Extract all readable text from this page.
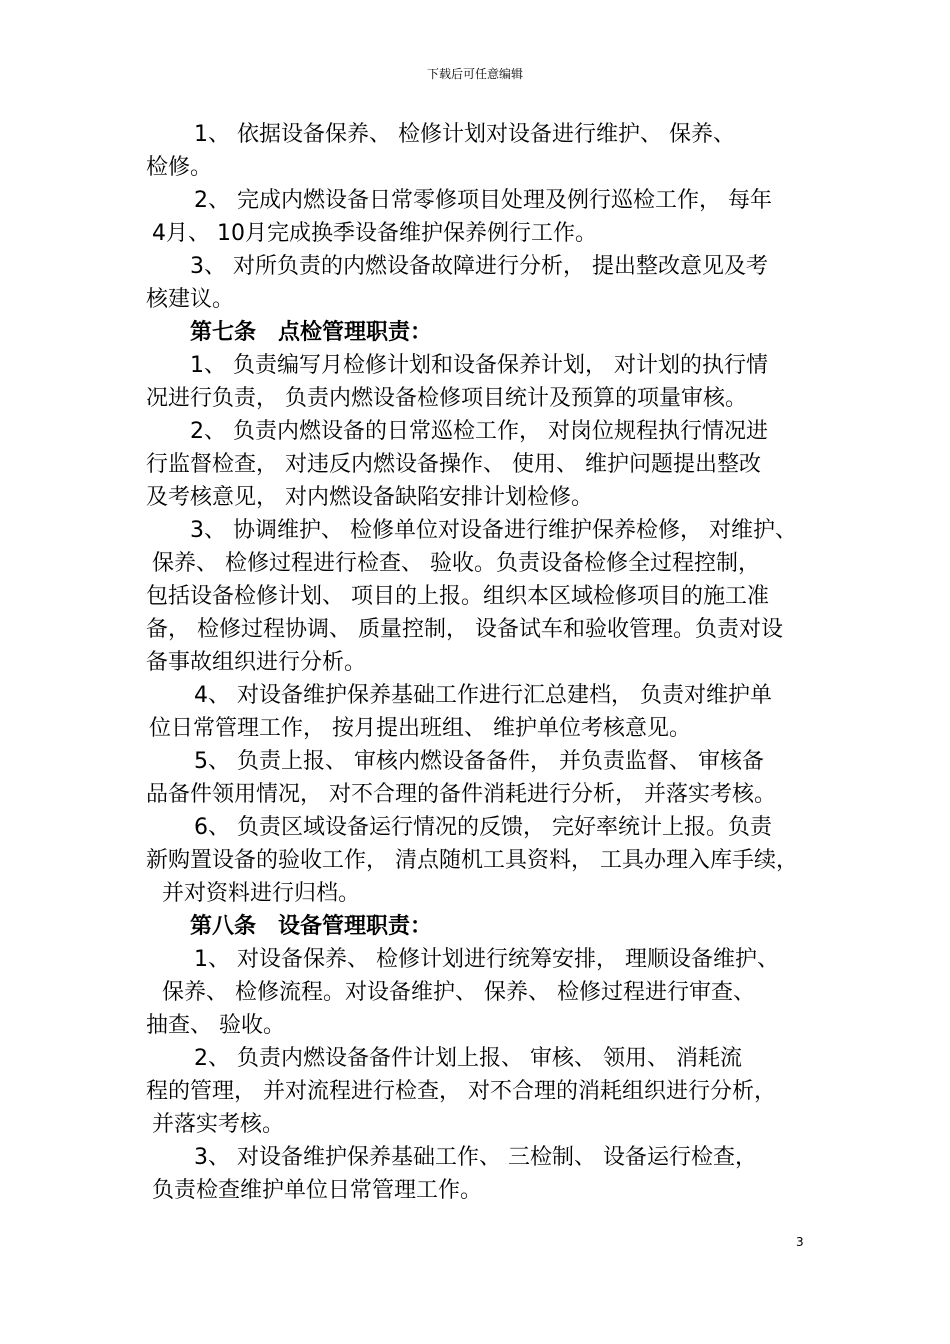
下载后可任意编辑
1、 依据设备保养、 检修计划对设备进行维护、 保养、
检修。
2、 完成内燃设备日常零修项目处理及例行巡检工作， 每年
4月、 10月完成换季设备维护保养例行工作。
3、 对所负责的内燃设备故障进行分析， 提出整改意见及考
核建议。
第七条　点检管理职责：
1、 负责编写月检修计划和设备保养计划， 对计划的执行情
况进行负责， 负责内燃设备检修项目统计及预算的项量审核。
2、 负责内燃设备的日常巡检工作， 对岗位规程执行情况进
行监督检查， 对违反内燃设备操作、 使用、 维护问题提出整改
及考核意见， 对内燃设备缺陷安排计划检修。
3、 协调维护、 检修单位对设备进行维护保养检修， 对维护、
保养、 检修过程进行检查、 验收。负责设备检修全过程控制，
包括设备检修计划、 项目的上报。组织本区域检修项目的施工准
备， 检修过程协调、 质量控制， 设备试车和验收管理。负责对设
备事故组织进行分析。
4、 对设备维护保养基础工作进行汇总建档， 负责对维护单
位日常管理工作， 按月提出班组、 维护单位考核意见。
5、 负责上报、 审核内燃设备备件， 并负责监督、 审核备
品备件领用情况， 对不合理的备件消耗进行分析， 并落实考核。
6、 负责区域设备运行情况的反馈， 完好率统计上报。负责
新购置设备的验收工作， 清点随机工具资料， 工具办理入库手续，
并对资料进行归档。
第八条　设备管理职责：
1、 对设备保养、 检修计划进行统筹安排， 理顺设备维护、
保养、 检修流程。对设备维护、 保养、 检修过程进行审查、
抽查、 验收。
2、 负责内燃设备备件计划上报、 审核、 领用、 消耗流
程的管理， 并对流程进行检查， 对不合理的消耗组织进行分析，
并落实考核。
3、 对设备维护保养基础工作、 三检制、 设备运行检查，
负责检查维护单位日常管理工作。
3
